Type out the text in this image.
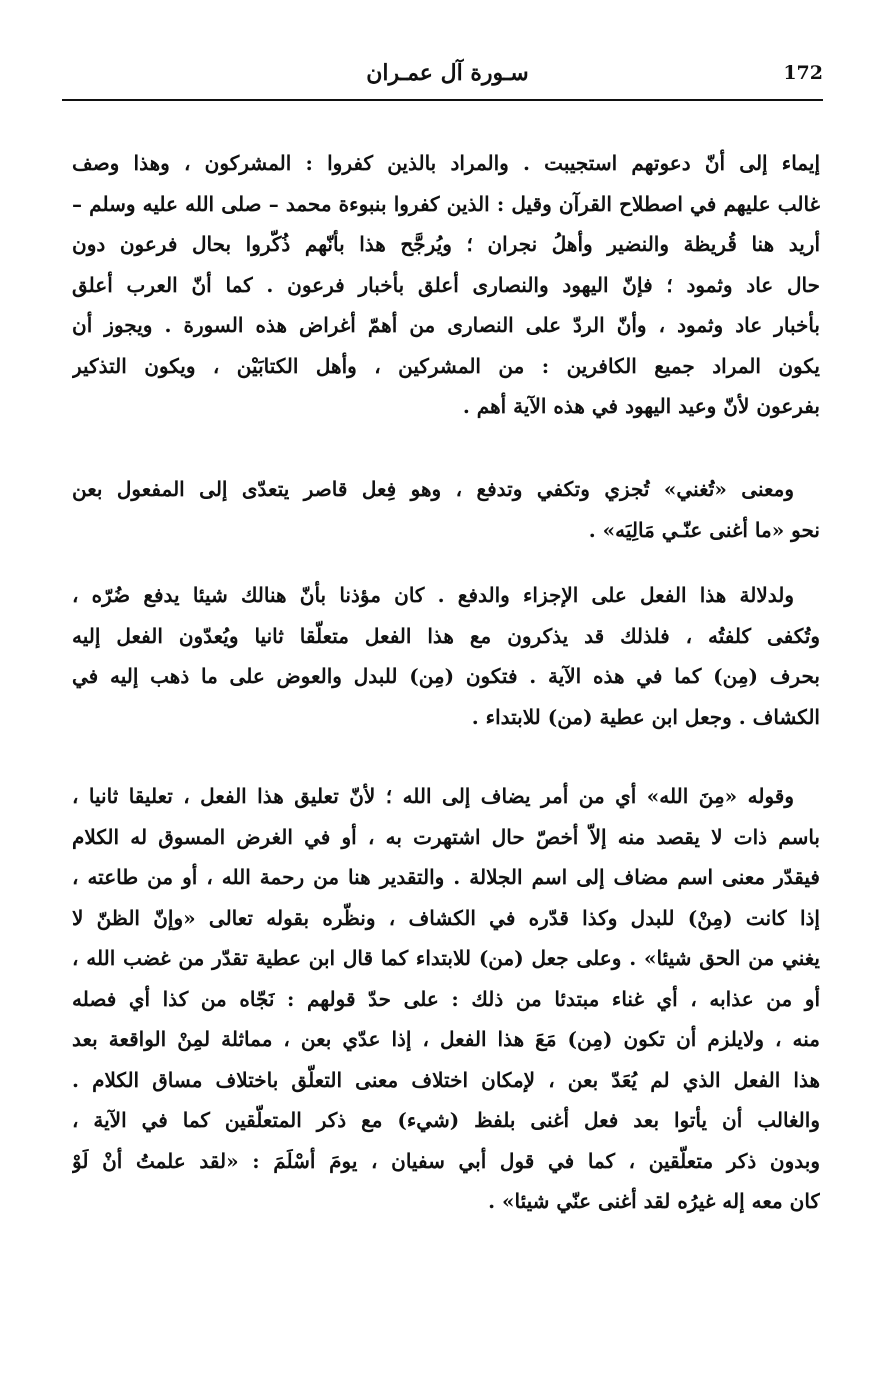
سـورة آل عمـران	172
إيماء إلى أنّ دعوتهم استجيبت . والمراد بالذين كفروا : المشركون ، وهذا وصف
غالب عليهم في اصطلاح القرآن وقيل : الذين كفروا بنبوءة محمد – صلى الله عليه وسلم –
أريد هنا قُريظة والنضير وأهلُ نجران ؛ ويُرجَّح هذا بأنّهم ذُكّروا بحال فرعون دون
حال عاد وثمود ؛ فإنّ اليهود والنصارى أعلق بأخبار فرعون . كما أنّ العرب أعلق
بأخبار عاد وثمود ، وأنّ الردّ على النصارى من أهمّ أغراض هذه السورة . ويجوز أن
يكون المراد جميع الكافرين : من المشركين ، وأهل الكتابَيْن ، ويكون التذكير
بفرعون لأنّ وعيد اليهود في هذه الآية أهم .
ومعنى «تُغني» تُجزي وتكفي وتدفع ، وهو فِعل قاصر يتعدّى إلى المفعول بعن
نحو «ما أغنى عنّـي مَالِيَه» .
ولدلالة هذا الفعل على الإجزاء والدفع . كان مؤذنا بأنّ هنالك شيئا يدفع ضُرّه ،
وتُكفى كلفتُه ، فلذلك قد يذكرون مع هذا الفعل متعلّقا ثانيا ويُعدّون الفعل إليه
بحرف (مِن) كما في هذه الآية . فتكون (مِن) للبدل والعوض على ما ذهب إليه في
الكشاف . وجعل ابن عطية (من) للابتداء .
وقوله «مِنَ الله» أي من أمر يضاف إلى الله ؛ لأنّ تعليق هذا الفعل ، تعليقا ثانيا ،
باسم ذات لا يقصد منه إلاّ أخصّ حال اشتهرت به ، أو في الغرض المسوق له الكلام
فيقدّر معنى اسم مضاف إلى اسم الجلالة . والتقدير هنا من رحمة الله ، أو من طاعته ،
إذا كانت (مِنْ) للبدل وكذا قدّره في الكشاف ، ونظّره بقوله تعالى «وإنّ الظنّ لا
يغني من الحق شيئا» . وعلى جعل (من) للابتداء كما قال ابن عطية تقدّر من غضب الله ،
أو من عذابه ، أي غناء مبتدئا من ذلك : على حدّ قولهم : نَجّاه من كذا أي فصله
منه ، ولايلزم أن تكون (مِن) مَعَ هذا الفعل ، إذا عدّي بعن ، مماثلة لمِنْ الواقعة بعد
هذا الفعل الذي لم يُعَدّ بعن ، لإمكان اختلاف معنى التعلّق باختلاف مساق الكلام .
والغالب أن يأتوا بعد فعل أغنى بلفظ (شيء) مع ذكر المتعلّقين كما في الآية ،
وبدون ذكر متعلّقين ، كما في قول أبي سفيان ، يومَ أسْلَمَ : «لقد علمتُ أنْ لَوْ
كان معه إله غيرُه لقد أغنى عنّي شيئا» .
